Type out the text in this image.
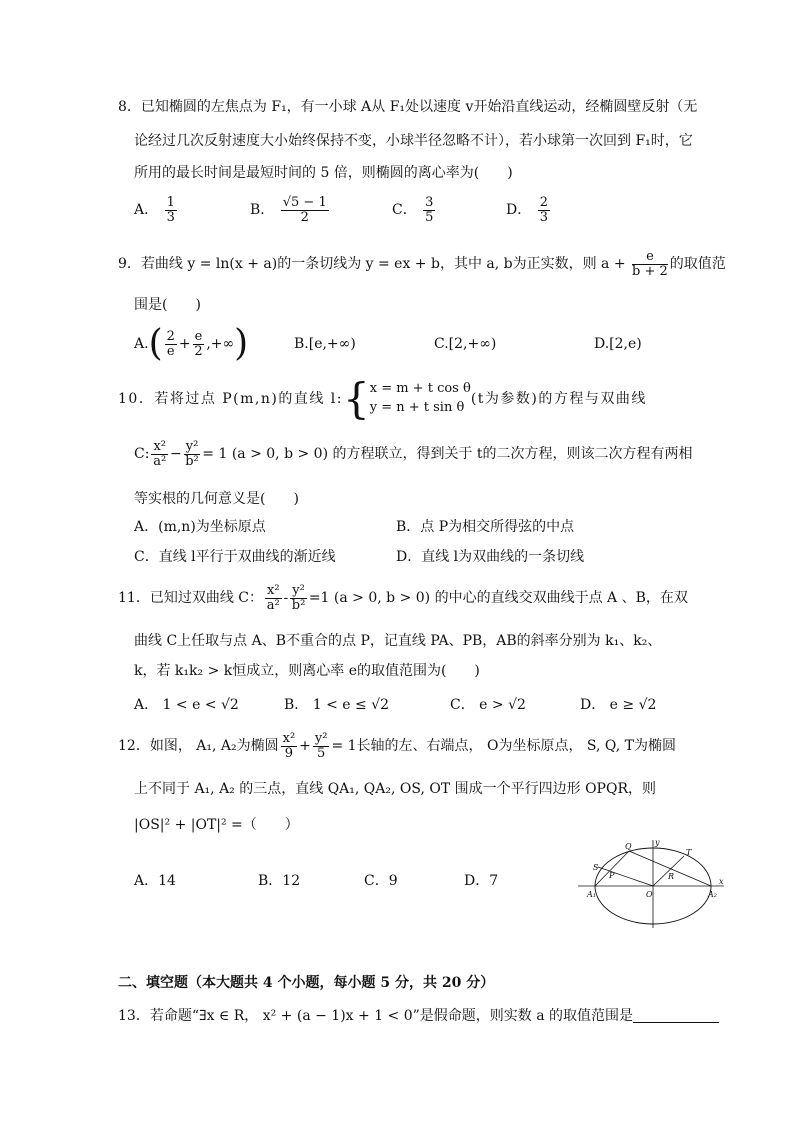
8．已知椭圆的左焦点为 F₁，有一小球 A从 F₁处以速度 v开始沿直线运动，经椭圆壁反射（无
论经过几次反射速度大小始终保持不变，小球半径忽略不计），若小球第一次回到 F₁时，它
所用的最长时间是最短时间的 5 倍，则椭圆的离心率为(　　)
A． $\frac{1}{3}$	B． $\frac{√5 - 1}{2}$	C． $\frac{3}{5}$	D． $\frac{2}{3}$
9．若曲线 y = ln(x + a)的一条切线为 y = ex + b，其中 a, b为正实数，则 $a + \frac{e}{b + 2}$ 的取值范
围是(　　)
$A.( \frac{2}{e} + \frac{e}{2}$ ,+∞)	B.[e,+∞)	C.[2,+∞)	D.[2,e)
10．若将过点 P(m,n)的直线 l:{ x = m + t cos θ
y = n + t sin θ
(t为参数)的方程与双曲线
C: $\frac{\text{x²}}{\text{a²}} - \frac{\text{y²}}{\text{b²}} = 1$ (a > 0, b > 0) 的方程联立，得到关于 t的二次方程，则该二次方程有两相
等实根的几何意义是(　　)
A．(m,n)为坐标原点	B．点 P为相交所得弦的中点
C．直线 l平行于双曲线的渐近线	D．直线 l为双曲线的一条切线
11．已知过双曲线 C： $\frac{\text{x²}}{\text{a²}} - \frac{\text{y²}}{\text{b²}} =1$ (a > 0, b > 0) 的中心的直线交双曲线于点 A 、B，在双
曲线 C上任取与点 A、B不重合的点 P，记直线 PA、PB，AB的斜率分别为 k₁、k₂、
k，若 k₁k₂ > k恒成立，则离心率 e的取值范围为(　　)
A． 1 < e < √2	B． 1 < e ≤ √2	C． e > √2	D． e ≥ √2
12．如图， A₁, A₂为椭圆 $\frac{\text{x²}}{9} + \frac{\text{y²}}{5} = 1$长轴的左、右端点， O为坐标原点， S, Q, T为椭圆
上不同于 A₁, A₂ 的三点，直线 QA₁, QA₂, OS, OT 围成一个平行四边形 OPQR，则
|OS|² + |OT|² =（　　）
A．14	B．12	C．9	D．7
Q	y
T
S
P	R
A₁	O	A₂
x
二、填空题（本大题共 4 个小题，每小题 5 分，共 20 分）
13．若命题“∃x ∈ R， x² + (a − 1)x + 1 < 0”是假命题，则实数 a 的取值范围是
